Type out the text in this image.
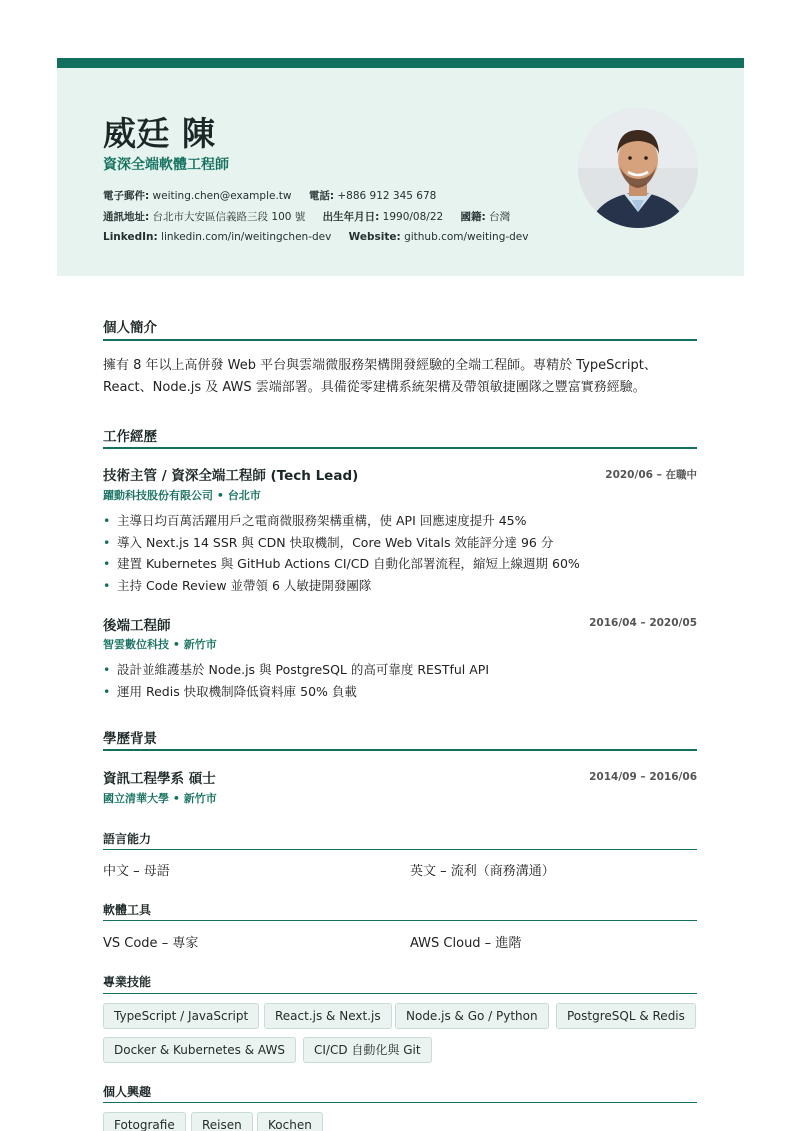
威廷 陳
資深全端軟體工程師
電子郵件: weiting.chen@example.tw 電話: +886 912 345 678
通訊地址: 台北市大安區信義路三段 100 號 出生年月日: 1990/08/22 國籍: 台灣
LinkedIn: linkedin.com/in/weitingchen-dev Website: github.com/weiting-dev
個人簡介
擁有 8 年以上高併發 Web 平台與雲端微服務架構開發經驗的全端工程師。專精於 TypeScript、
React、Node.js 及 AWS 雲端部署。具備從零建構系統架構及帶領敏捷團隊之豐富實務經驗。
工作經歷
技術主管 / 資深全端工程師 (Tech Lead)	2020/06 – 在職中
躍動科技股份有限公司 • 台北市
• 主導日均百萬活躍用戶之電商微服務架構重構，使 API 回應速度提升 45%
• 導入 Next.js 14 SSR 與 CDN 快取機制，Core Web Vitals 效能評分達 96 分
• 建置 Kubernetes 與 GitHub Actions CI/CD 自動化部署流程，縮短上線週期 60%
• 主持 Code Review 並帶領 6 人敏捷開發團隊
後端工程師	2016/04 – 2020/05
智雲數位科技 • 新竹市
• 設計並維護基於 Node.js 與 PostgreSQL 的高可靠度 RESTful API
• 運用 Redis 快取機制降低資料庫 50% 負載
學歷背景
資訊工程學系 碩士	2014/09 – 2016/06
國立清華大學 • 新竹市
語言能力
中文 – 母語	英文 – 流利（商務溝通）
軟體工具
VS Code – 專家	AWS Cloud – 進階
專業技能
TypeScript / JavaScript	React.js & Next.js	Node.js & Go / Python	PostgreSQL & Redis
Docker & Kubernetes & AWS	CI/CD 自動化與 Git
個人興趣
Fotografie	Reisen	Kochen
